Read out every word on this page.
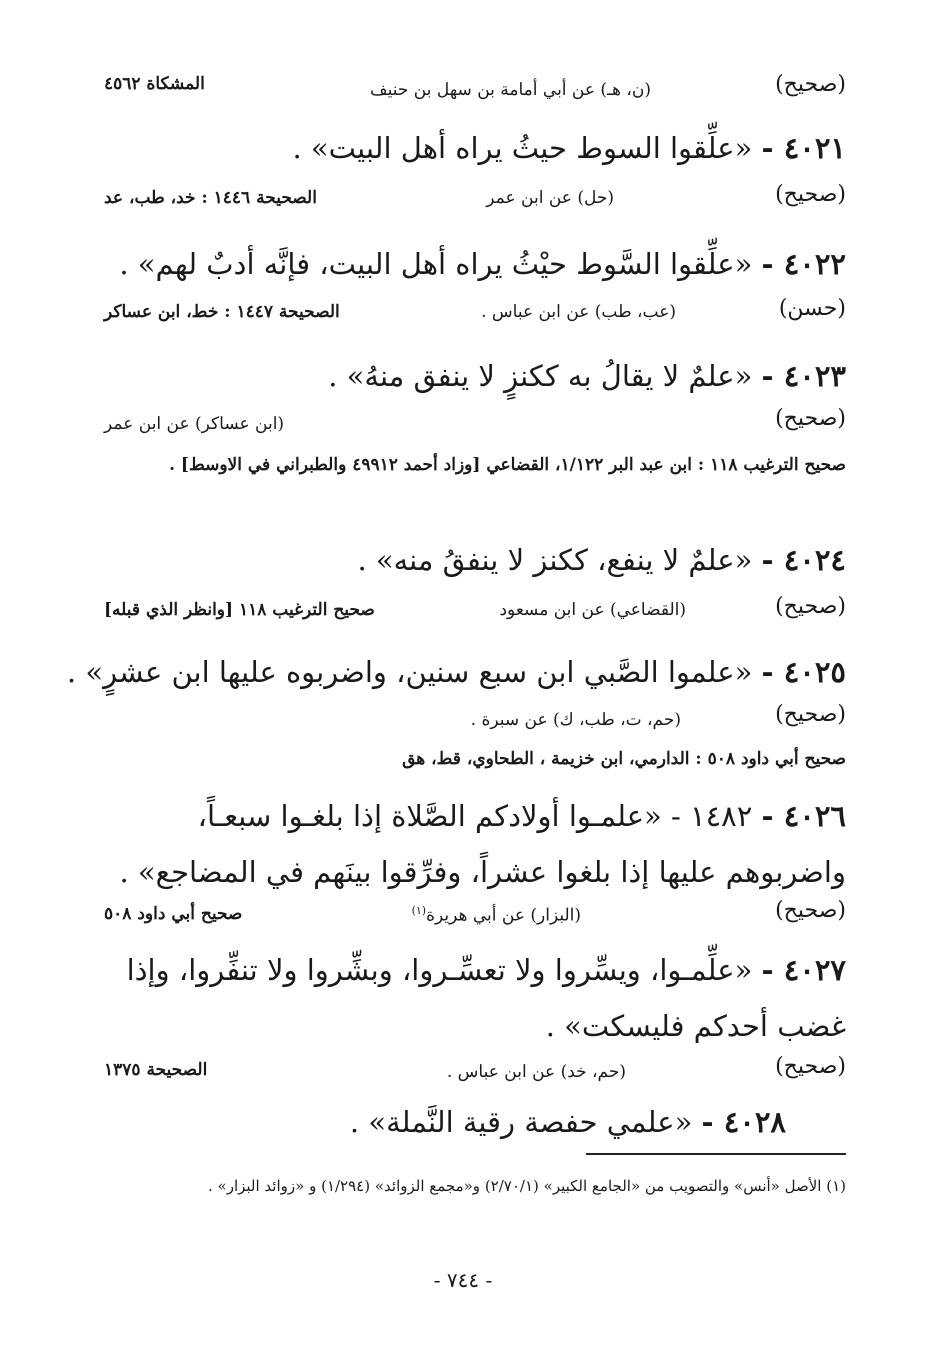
( صحيح )
(ن، هـ) عن أبي أمامة بن سهل بن حنيف
المشكاة ٤٥٦٢
٤٠٢١ - «علِّقوا السوط حيثُ يراه أهل البيت» .
( صحيح )
(حل) عن ابن عمر
الصحيحة ١٤٤٦ : خد، طب، عد
٤٠٢٢ - «علِّقوا السَّوط حيْثُ يراه أهل البيت، فإنَّه أدبٌ لهم» .
( حسن )
(عب، طب) عن ابن عباس .
الصحيحة ١٤٤٧ : خط، ابن عساكر
٤٠٢٣ - «علمٌ لا يقالُ به ككنزٍ لا ينفق منهُ» .
( صحيح )
(ابن عساكر) عن ابن عمر
صحيح الترغيب ١١٨ : ابن عبد البر ١/١٢٢، القضاعي [وزاد أحمد ٤٩٩١٢ والطبراني في الاوسط] .
٤٠٢٤ - «علمٌ لا ينفع، ككنز لا ينفقُ منه» .
( صحيح )
(القضاعي) عن ابن مسعود
صحيح الترغيب ١١٨ [وانظر الذي قبله]
٤٠٢٥ - «علموا الصَّبي ابن سبع سنين، واضربوه عليها ابن عشرٍ» .
( صحيح )
(حم، ت، طب، ك) عن سبرة .
صحيح أبي داود ٥٠٨ : الدارمي، ابن خزيمة ، الطحاوي، قط، هق
٤٠٢٦ - ١٤٨٢ - «علمـوا أولادكم الصَّلاة إذا بلغـوا سبعـاً، واضربوهم عليها إذا بلغوا عشراً، وفرِّقوا بينَهم في المضاجع» .
( صحيح )
(البزار) عن أبي هريرة$^{(١)}$
صحيح أبي داود ٥٠٨
٤٠٢٧ - «علِّمـوا، ويسِّروا ولا تعسِّـروا، وبشِّروا ولا تنفِّروا، وإذا غضب أحدكم فليسكت» .
( صحيح )
(حم، خد) عن ابن عباس .
الصحيحة ١٣٧٥
٤٠٢٨ - «علمي حفصة رقية النَّملة» .
(١) الأصل «أنس» والتصويب من «الجامع الكبير» (٢/٧٠/١) و«مجمع الزوائد» (١/٢٩٤) و «زوائد البزار» .
- ٧٤٤ -
